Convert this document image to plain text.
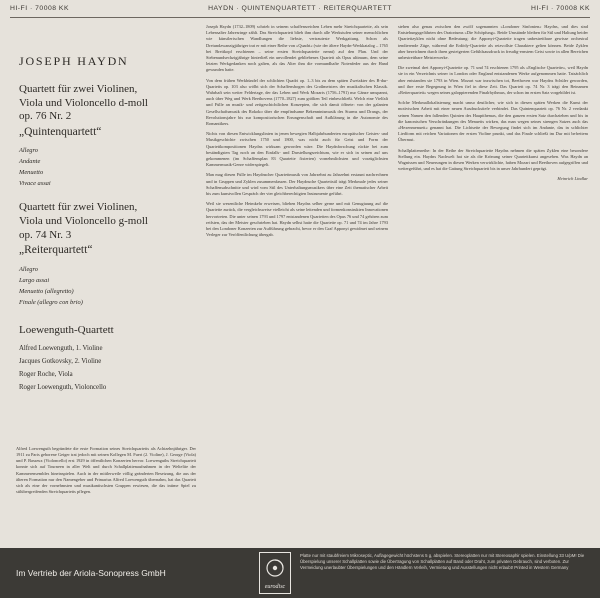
HI-FI · 70008 KK	HAYDN · QUINTENQUARTETT · REITERQUARTETT	HI-FI · 70008 KK
JOSEPH HAYDN
Quartett für zwei Violinen,
Viola und Violoncello d-moll
op. 76 Nr. 2
„Quintenquartett“
Allegro
Andante
Menuetto
Vivace assai
Quartett für zwei Violinen,
Viola und Violoncello g-moll
op. 74 Nr. 3
„Reiterquartett“
Allegro
Largo assai
Menuetto (allegretto)
Finale (allegro con brio)
Loewenguth-Quartett
Alfred Loewenguth, 1. Violine
Jacques Gotkovsky, 2. Violine
Roger Roche, Viola
Roger Loewenguth, Violoncello

Alfred Loewenguth begründete die erste Formation seines Streichquartetts als Achtzehnjähriger. Der 1911 zu Paris geborene Geiger trat jedoch mit seinen Kollegen M. Fueri (2. Violine), J. George (Viola) und P. Basseux (Violoncello) erst 1929 in öffentlichen Konzerten hervor. Loewenguths Streichquartett konnte sich auf Tourneen in aller Welt und durch Schallplattenaufnahmen in der Weltelite der Kammerensembles hineinspielen. Auch in der mittlerweile völlig geänderten Besetzung, die aus der älteren Formation nur den Namengeber und Primarius Alfred Loewenguth übernahm, hat das Quartett sich als eine der vornehmsten und musikantischsten Gruppen erwiesen, die das intime Spiel zu stilübergreifenden Streichquartetts pflegen.

Joseph Haydn (1732–1809) schrieb in seinem schaffensreichen Leben mehr Streichquartette, als sein Lebensalter Jahresringe zählt. Das Streichquartett blieb ihm durch alle Werkstufen seiner menschlichen wie künstlerischen Wandlungen die liebste, vertrauteste Werkgattung. Schon als Dreiundzwanzigjähriger trat er mit einer Reihe von »Quadri« (wie der ältere Haydn-Werkkatalog – 1765 bei Breitkopf erschienen – seine ersten Streichquartette nennt) auf den Plan. Und der Siebenundsechzigjährige hinterließ ein unvollendet gebliebenes Quartett als Opus ultimum, dem seine letzten Werkgedanken noch galten, als das Alter ihm die vormundhafte Notenfeder aus der Hand gewunden hatte.

Von dem frühen Werkbündel der schlichten Quadri op. 1–3 bis zu dem späten Zweiakter des B-dur-Quartetts op. 103 also wölbt sich der Schaffensbogen des Großmeisters der musikalischen Klassik. Wahrhaft sein weiter Feldertage, der das Leben und Werk Mozarts (1756–1791) nur Gänze umspannt, auch über Weg und Werk Beethovens (1770–1827) zum größten Teil einbeschließt. Welch eine Vielfalt und Fülle an musik- und zeitgeschichtlichen Konzepten, die sich damit öffnete: von der galanten Gesellschaftsmusik des Rokoko über die empfindsame Bekenntnismusik des Sturms und Drangs, der Revolutionsjahre bis zur kompositorischen Errungenschaft und Aufklärung in die Autonomie des Romantikers.

Nichts von diesen Entwicklungslinien in jenen bewegten Halbjahrhunderten europäischer Geistes- und Musikgeschichte zwischen 1750 und 1800, was nicht auch für Geist und Form der Quartettkompositionen Haydns wirksam geworden wäre. Die Haydnforschung rückte bei zum beständigsten Tag noch an den Einfalls- und Darstellungsreichtum, wie er sich in seinen auf uns gekommenen (im Schaffensplan 83 Quartette fixierten) vornehmlichsten und vorzüglichsten Kammermusik-Genre widerspiegelt.

Man mag diesen Fülle im Haydnscher Quartettmusik von Jahrzehnt zu Jahrzehnt erstaunt nachrechnen und in Gruppen und Zyklen zusammenfassen. Der Haydnsche Quartettstil trägt Merkmale jedes seiner Schaffensabschnitte und wird vom Stil des Unterhaltungsmusikers über eine Zeit thematischer Arbeit bis zum kunstvollen Gespräch der vier gleichberechtigten Instrumente geführt.

Weil sie wesentliche Heimkehr erweisen, blieben Haydns selber gerne und mit Genugtuung auf die Quartette zurück, die vergleichsweise vielleicht als seine leitenden und formenkonstrukten Innovationen hervortreten. Die unter seinen 1793 und 1797 entstandenen Quartetten des Opus 76 und 74 gehören zum reifsten, das der Meister geschrieben hat. Haydn selbst hatte die Quartette op. 71 und 74 im Jahre 1793 bei den Londoner Konzerten zur Aufführung gebracht, bevor er den Graf Apponyi gewidmet und seinem Verleger zur Veröffentlichung übergab.

stehen also genau zwischen den zwölf sogenannten »Londoner Sinfonien« Haydns, und dies sind Entstehungsgefährten des Oratoriums »Die Schöpfung«. Beide Umstände bleiben für Stil und Haltung beider Quartettzyklen nicht ohne Bedeutung: die Apponyi-Quartette tragen unbestreitbare gewisse orchestral tendierende Züge, während die Erdödy-Quartette als reizvollste Charaktere gelten können. Beide Zyklen aber bezeichnen durch ihren gesteigerten Gefühlsausdruck in freudig-ernstem Geist sowie in allen Bereichen unbestreitbare Meisterwerke.

Die zweimal drei Apponyi-Quartette op. 71 und 74 erschienen 1795 als »Englische Quartette«, weil Haydn sie in ein Verzeichnis seiner in London oder England entstandenen Werke aufgenommen hatte. Tatsächlich aber entstanden sie 1793 in Wien. Mozart war inzwischen tot, Beethoven war Haydns Schüler geworden, und ihre erste Begegnung in Wien fiel in diese Zeit. Das Quartett op. 74 Nr. 3 trägt den Beinamen »Reiterquartett« wegen seines galoppierenden Finalrhythmus, der schon im ersten Satz vorgebildet ist.

Solche Merkmallokalisierung macht umso deutlicher, wie sich in diesen späten Werken die Kunst der motivischen Arbeit mit einer neuen Ausdruckstiefe verbindet. Das Quintenquartett op. 76 Nr. 2 verdankt seinen Namen den fallenden Quinten des Hauptthemas, die den ganzen ersten Satz durchziehen und bis in die kanonischen Verschränkungen des Menuetts wirken, das man wegen seines strengen Satzes auch das »Hexenmenuett« genannt hat. Die Lichtseite der Bewegung findet sich im Andante, das in schlichter Liedform mit reichen Variationen der ersten Violine prunkt, und das Finale schließt im Dur mit befreitem Übermut.

Schallplattenreihe: In der Reihe der Streichquartette Haydns nehmen die späten Zyklen eine besondere Stellung ein. Haydns Nachwelt hat sie als die Krönung seiner Quartettkunst angesehen. Was Haydn an Wagnissen und Neuerungen in diesen Werken verwirklichte, haben Mozart und Beethoven aufgegriffen und weitergeführt, und es hat die Gattung Streichquartett bis in unser Jahrhundert geprägt.

Heinrich Lindlar
Im Vertrieb der Ariola-Sonopress GmbH
eurodisc
Platte nur mit staubfreiem Mikroseptic, Auflagegewicht höchstens 5 g, abspielen. Stereoplatten nur mit Stereosaphir spielen. Einstellung 33 U/pM! Die Überspielung unserer Schallplatten sowie die Übertragung von Schallplatten auf Band oder Draht, zum privaten Gebrauch, sind verboten. Zur Vermeidung unerlaubter Überspielungen und den Händlern Verleih, Vermietung und Ausstellungen nicht erlaubt! Printed in Western Germany
